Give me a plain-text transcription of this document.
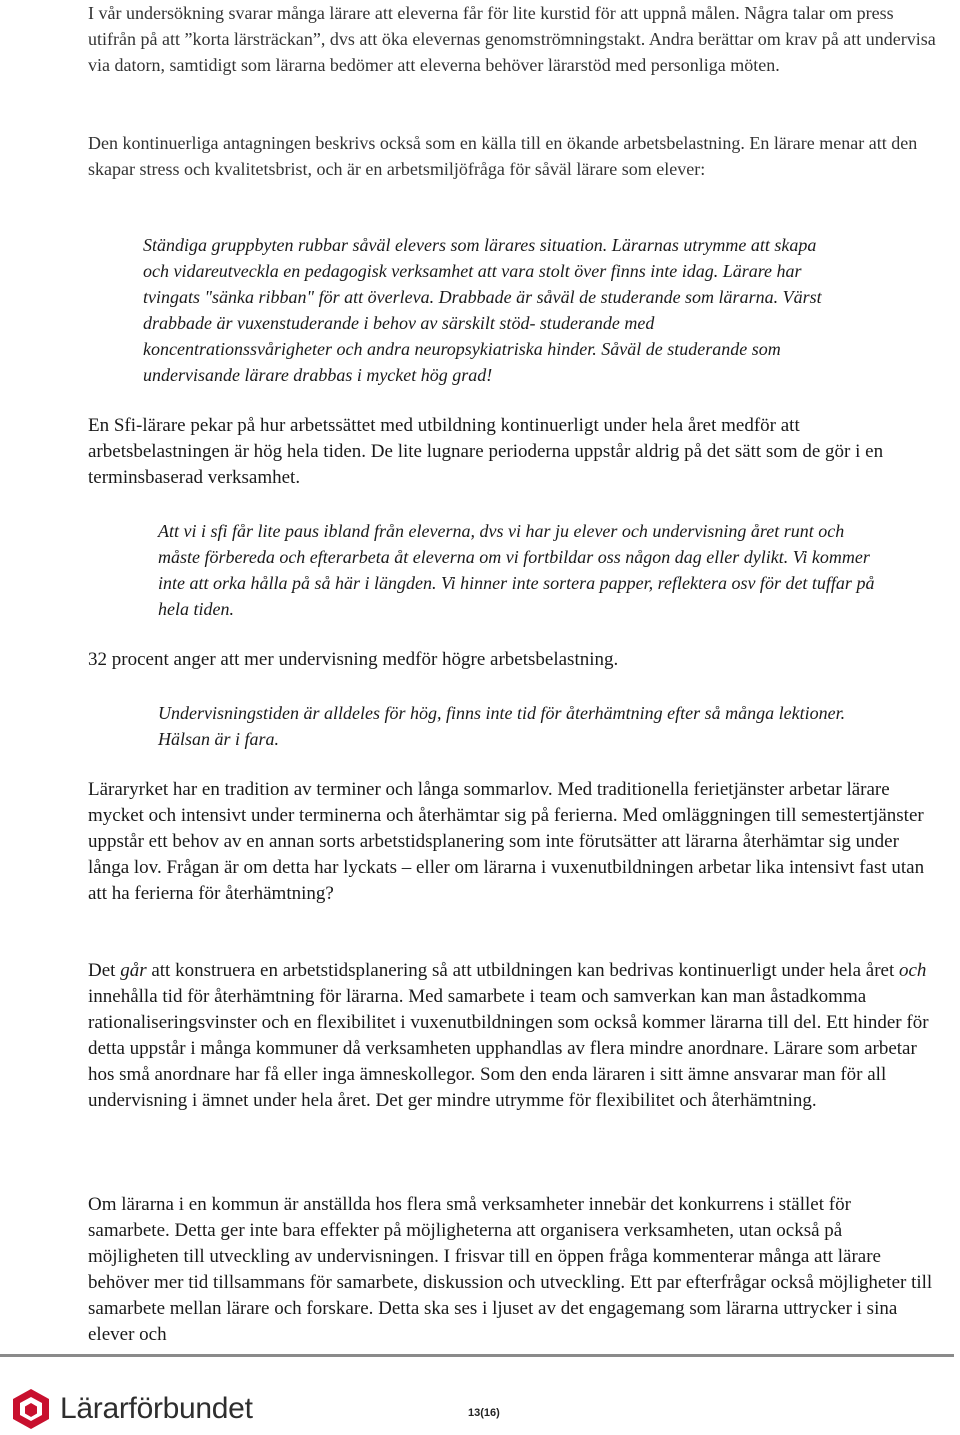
I vår undersökning svarar många lärare att eleverna får för lite kurstid för att uppnå målen. Några talar om press utifrån på att ”korta lärsträckan”, dvs att öka elevernas genomströmningstakt. Andra berättar om krav på att undervisa via datorn, samtidigt som lärarna bedömer att eleverna behöver lärarstöd med personliga möten.

Den kontinuerliga antagningen beskrivs också som en källa till en ökande arbetsbelastning. En lärare menar att den skapar stress och kvalitetsbrist, och är en arbetsmiljöfråga för såväl lärare som elever:

Ständiga gruppbyten rubbar såväl elevers som lärares situation. Lärarnas utrymme att skapa och vidareutveckla en pedagogisk verksamhet att vara stolt över finns inte idag. Lärare har tvingats "sänka ribban" för att överleva. Drabbade är såväl de studerande som lärarna. Värst drabbade är vuxenstuderande i behov av särskilt stöd- studerande med koncentrationssvårigheter och andra neuropsykiatriska hinder. Såväl de studerande som undervisande lärare drabbas i mycket hög grad!

En Sfi-lärare pekar på hur arbetssättet med utbildning kontinuerligt under hela året medför att arbetsbelastningen är hög hela tiden. De lite lugnare perioderna uppstår aldrig på det sätt som de gör i en terminsbaserad verksamhet.

Att vi i sfi får lite paus ibland från eleverna, dvs vi har ju elever och undervisning året runt och måste förbereda och efterarbeta åt eleverna om vi fortbildar oss någon dag eller dylikt. Vi kommer inte att orka hålla på så här i längden. Vi hinner inte sortera papper, reflektera osv för det tuffar på hela tiden.

32 procent anger att mer undervisning medför högre arbetsbelastning.

Undervisningstiden är alldeles för hög, finns inte tid för återhämtning efter så många lektioner. Hälsan är i fara.

Läraryrket har en tradition av terminer och långa sommarlov. Med traditionella ferietjänster arbetar lärare mycket och intensivt under terminerna och återhämtar sig på ferierna. Med omläggningen till semestertjänster uppstår ett behov av en annan sorts arbetstidsplanering som inte förutsätter att lärarna återhämtar sig under långa lov. Frågan är om detta har lyckats – eller om lärarna i vuxenutbildningen arbetar lika intensivt fast utan att ha ferierna för återhämtning?

Det går att konstruera en arbetstidsplanering så att utbildningen kan bedrivas kontinuerligt under hela året och innehålla tid för återhämtning för lärarna. Med samarbete i team och samverkan kan man åstadkomma rationaliseringsvinster och en flexibilitet i vuxenutbildningen som också kommer lärarna till del. Ett hinder för detta uppstår i många kommuner då verksamheten upphandlas av flera mindre anordnare. Lärare som arbetar hos små anordnare har få eller inga ämneskollegor. Som den enda läraren i sitt ämne ansvarar man för all undervisning i ämnet under hela året. Det ger mindre utrymme för flexibilitet och återhämtning.

Om lärarna i en kommun är anställda hos flera små verksamheter innebär det konkurrens i stället för samarbete. Detta ger inte bara effekter på möjligheterna att organisera verksamheten, utan också på möjligheten till utveckling av undervisningen. I frisvar till en öppen fråga kommenterar många att lärare behöver mer tid tillsammans för samarbete, diskussion och utveckling. Ett par efterfrågar också möjligheter till samarbete mellan lärare och forskare. Detta ska ses i ljuset av det engagemang som lärarna uttrycker i sina elever och

Lärarförbundet	13(16)
